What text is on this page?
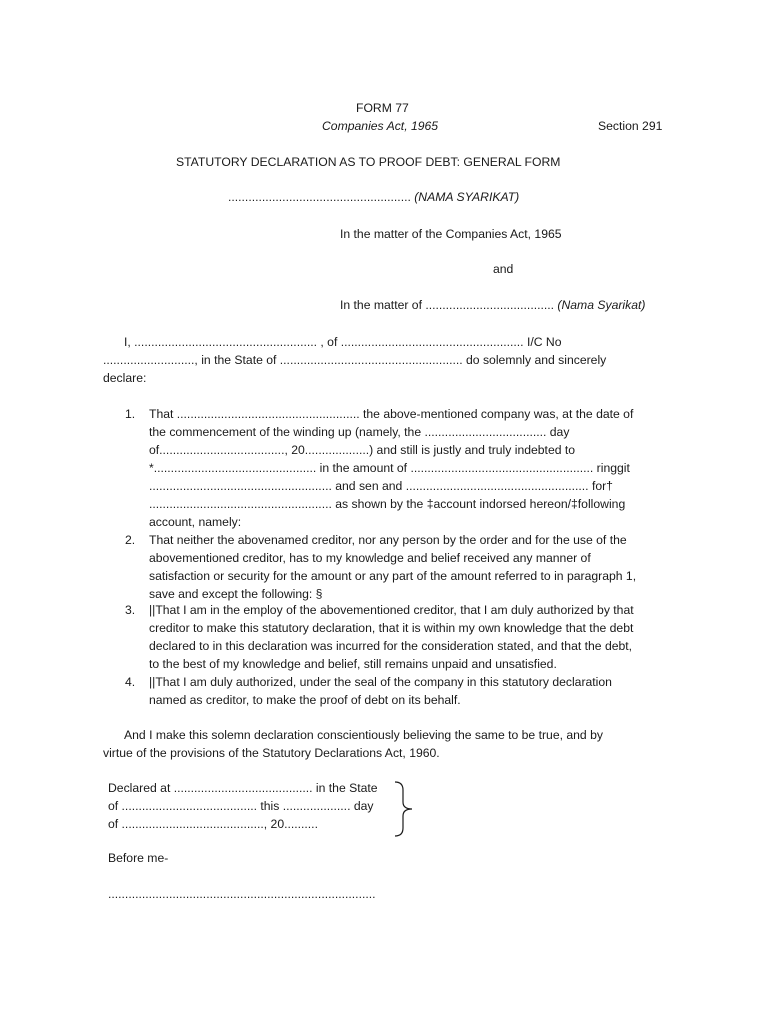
FORM 77
Companies Act, 1965	Section 291
STATUTORY DECLARATION AS TO PROOF DEBT: GENERAL FORM
...................................................... (NAMA SYARIKAT)
In the matter of the Companies Act, 1965
and
In the matter of ...................................... (Nama Syarikat)
I, ...................................................... , of ...................................................... I/C No
..........................., in the State of ...................................................... do solemnly and sincerely
declare:
1. That ...................................................... the above-mentioned company was, at the date of
the commencement of the winding up (namely, the .................................... day
of....................................., 20...................) and still is justly and truly indebted to
*................................................ in the amount of ...................................................... ringgit
...................................................... and sen and ...................................................... for†
...................................................... as shown by the ‡account indorsed hereon/‡following
account, namely:
2. That neither the abovenamed creditor, nor any person by the order and for the use of the
abovementioned creditor, has to my knowledge and belief received any manner of
satisfaction or security for the amount or any part of the amount referred to in paragraph 1,
save and except the following: §
3. ||That I am in the employ of the abovementioned creditor, that I am duly authorized by that
creditor to make this statutory declaration, that it is within my own knowledge that the debt
declared to in this declaration was incurred for the consideration stated, and that the debt,
to the best of my knowledge and belief, still remains unpaid and unsatisfied.
4. ||That I am duly authorized, under the seal of the company in this statutory declaration
named as creditor, to make the proof of debt on its behalf.
And I make this solemn declaration conscientiously believing the same to be true, and by
virtue of the provisions of the Statutory Declarations Act, 1960.
Declared at ......................................... in the State
of ........................................ this .................... day
of .........................................., 20..........
Before me-
...............................................................................
